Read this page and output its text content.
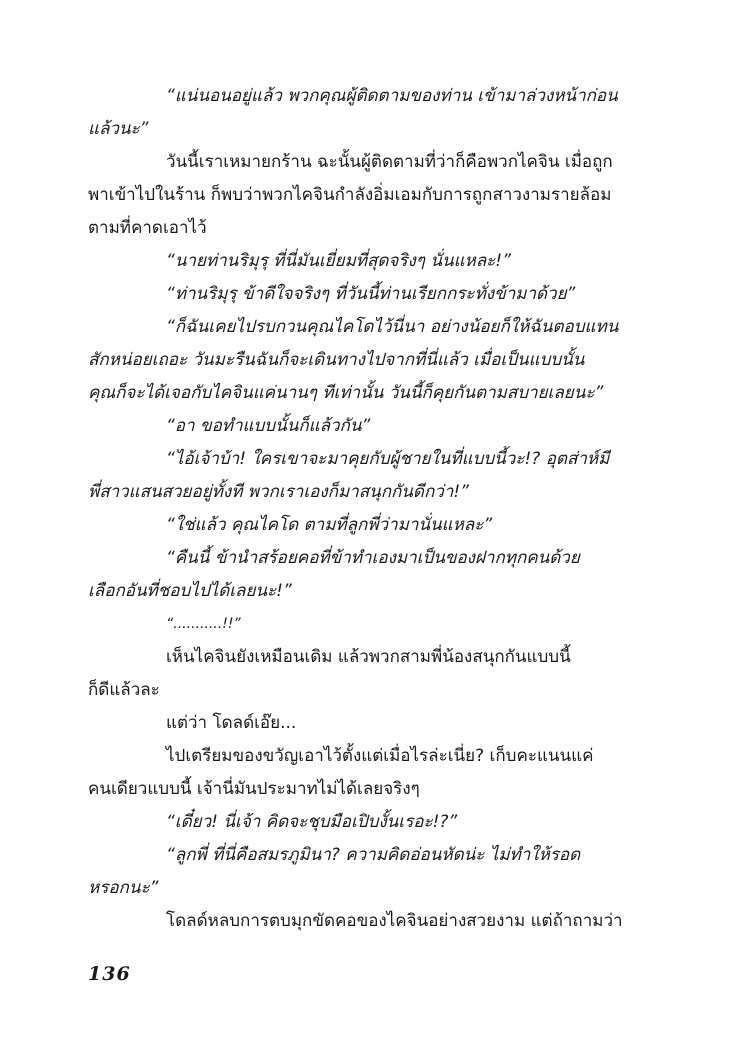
“แน่นอนอยู่แล้ว พวกคุณผู้ติดตามของท่าน เข้ามาล่วงหน้าก่อน

แล้วนะ”

วันนี้เราเหมายกร้าน ฉะนั้นผู้ติดตามที่ว่าก็คือพวกไคจิน เมื่อถูก

พาเข้าไปในร้าน ก็พบว่าพวกไคจินกำลังอิ่มเอมกับการถูกสาวงามรายล้อม

ตามที่คาดเอาไว้

“นายท่านริมุรุ ที่นี่มันเยี่ยมที่สุดจริงๆ นั่นแหละ!”

“ท่านริมุรุ ข้าดีใจจริงๆ ที่วันนี้ท่านเรียกกระทั่งข้ามาด้วย”

“ก็ฉันเคยไปรบกวนคุณไคโดไว้นี่นา อย่างน้อยก็ให้ฉันตอบแทน

สักหน่อยเถอะ วันมะรืนฉันก็จะเดินทางไปจากที่นี่แล้ว เมื่อเป็นแบบนั้น

คุณก็จะได้เจอกับไคจินแค่นานๆ ทีเท่านั้น วันนี้ก็คุยกันตามสบายเลยนะ”

“อา ขอทำแบบนั้นก็แล้วกัน”

“ไอ้เจ้าบ้า! ใครเขาจะมาคุยกับผู้ชายในที่แบบนี้วะ!? อุตส่าห์มี

พี่สาวแสนสวยอยู่ทั้งที พวกเราเองก็มาสนุกกันดีกว่า!”

“ใช่แล้ว คุณไคโด ตามที่ลูกพี่ว่ามานั่นแหละ”

“คืนนี้ ข้านำสร้อยคอที่ข้าทำเองมาเป็นของฝากทุกคนด้วย

เลือกอันที่ชอบไปได้เลยนะ!”

“...........!!”

เห็นไคจินยังเหมือนเดิม แล้วพวกสามพี่น้องสนุกกันแบบนี้

ก็ดีแล้วละ

แต่ว่า โดลด์เอ๊ย...

ไปเตรียมของขวัญเอาไว้ตั้งแต่เมื่อไรล่ะเนี่ย? เก็บคะแนนแค่

คนเดียวแบบนี้ เจ้านี่มันประมาทไม่ได้เลยจริงๆ

“เดี๋ยว! นี่เจ้า คิดจะชุบมือเปิบงั้นเรอะ!?”

“ลูกพี่ ที่นี่คือสมรภูมินา? ความคิดอ่อนหัดน่ะ ไม่ทำให้รอด

หรอกนะ”

โดลด์หลบการตบมุกขัดคอของไคจินอย่างสวยงาม แต่ถ้าถามว่า

136
